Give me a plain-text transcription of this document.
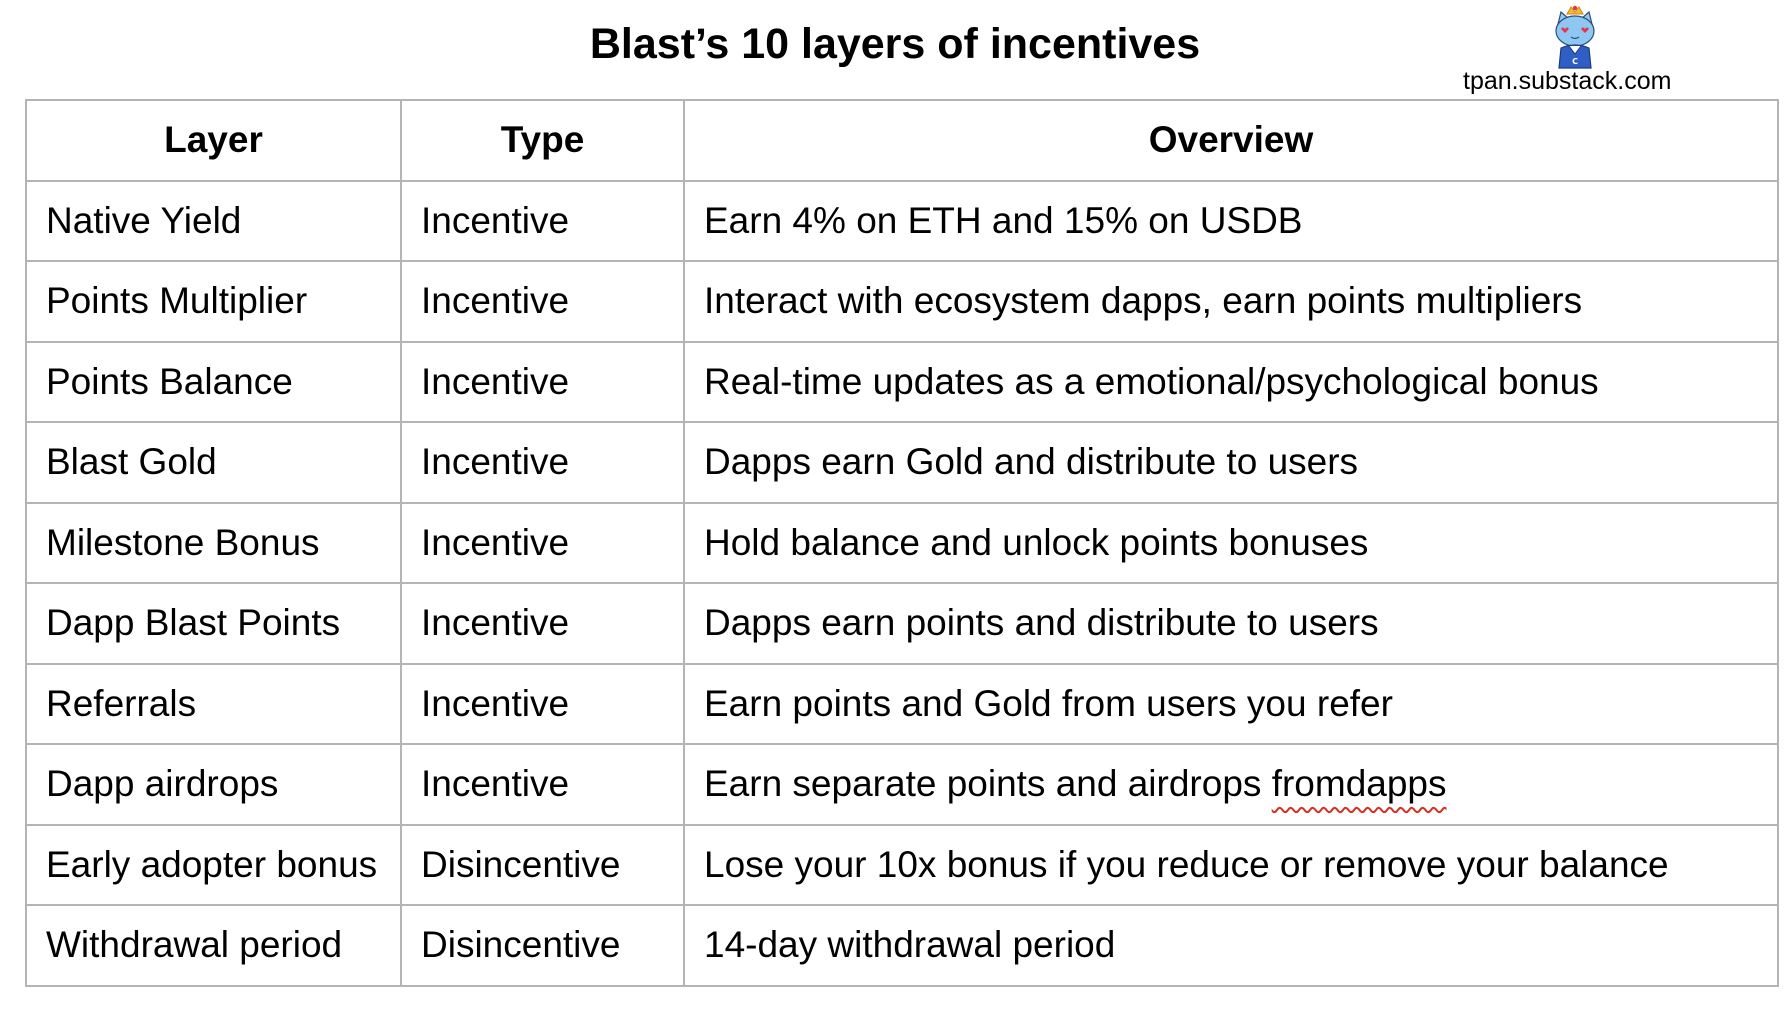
Blast’s 10 layers of incentives	C
tpan.substack.com
Layer	Type	Overview
Native Yield	Incentive	Earn 4% on ETH and 15% on USDB
Points Multiplier	Incentive	Interact with ecosystem dapps, earn points multipliers
Points Balance	Incentive	Real-time updates as a emotional/psychological bonus
Blast Gold	Incentive	Dapps earn Gold and distribute to users
Milestone Bonus	Incentive	Hold balance and unlock points bonuses
Dapp Blast Points	Incentive	Dapps earn points and distribute to users
Referrals	Incentive	Earn points and Gold from users you refer
Dapp airdrops	Incentive	Earn separate points and airdrops fromdapps
Early adopter bonus	Disincentive	Lose your 10x bonus if you reduce or remove your balance
Withdrawal period	Disincentive	14-day withdrawal period
